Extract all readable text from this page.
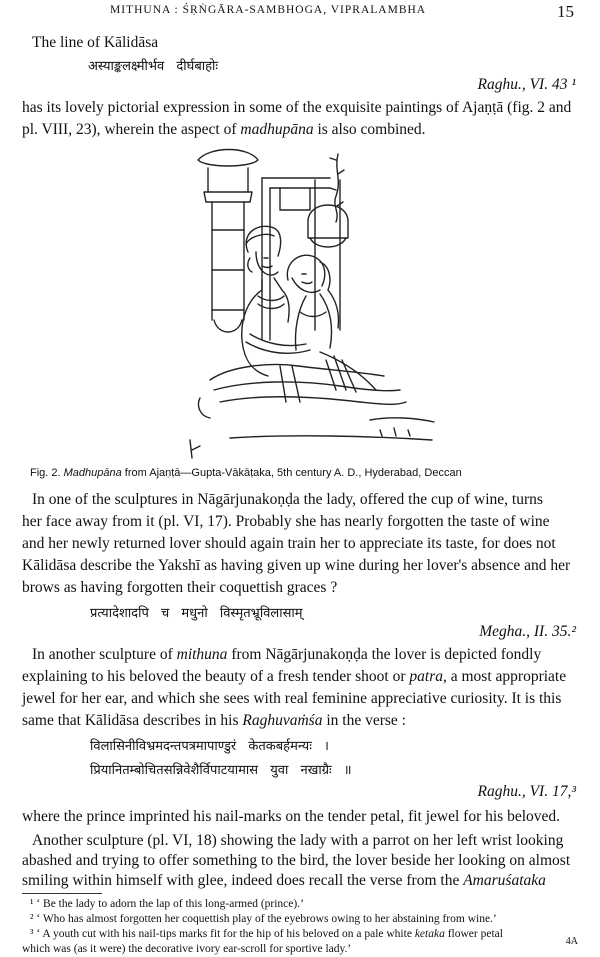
MITHUNA : ŚṚṄGĀRA-SAMBHOGA, VIPRALAMBHA	15
The line of Kālidāsa
अस्याङ्कलक्ष्मीर्भव दीर्घबाहोः
Raghu., VI. 43 ¹
has its lovely pictorial expression in some of the exquisite paintings of Ajaṇṭā (fig. 2 and
pl. VIII, 23), wherein the aspect of madhupāna is also combined.
Fig. 2. Madhupāna from Ajaṇṭā—Gupta-Vākāṭaka, 5th century A. D., Hyderabad, Deccan
In one of the sculptures in Nāgārjunakoṇḍa the lady, offered the cup of wine, turns
her face away from it (pl. VI, 17). Probably she has nearly forgotten the taste of wine
and her newly returned lover should again train her to appreciate its taste, for does not
Kālidāsa describe the Yakshī as having given up wine during her lover's absence and her
brows as having forgotten their coquettish graces ?
प्रत्यादेशादपि च मधुनो विस्मृतभ्रूविलासाम्
Megha., II. 35.²
In another sculpture of mithuna from Nāgārjunakoṇḍa the lover is depicted fondly
explaining to his beloved the beauty of a fresh tender shoot or patra, a most appropriate
jewel for her ear, and which she sees with real feminine appreciative curiosity. It is this
same that Kālidāsa describes in his Raghuvaṁśa in the verse :
विलासिनीविभ्रमदन्तपत्रमापाण्डुरं केतकबर्हमन्यः ।
प्रियानितम्बोचितसन्निवेशैर्विपाटयामास युवा नखाग्रैः ॥
Raghu., VI. 17,³
where the prince imprinted his nail-marks on the tender petal, fit jewel for his beloved.
Another sculpture (pl. VI, 18) showing the lady with a parrot on her left wrist looking
abashed and trying to offer something to the bird, the lover beside her looking on almost
smiling within himself with glee, indeed does recall the verse from the Amaruśataka
¹ ‘ Be the lady to adorn the lap of this long-armed (prince).’
² ‘ Who has almost forgotten her coquettish play of the eyebrows owing to her abstaining from wine.’
³ ‘ A youth cut with his nail-tips marks fit for the hip of his beloved on a pale white ketaka flower petal
which was (as it were) the decorative ivory ear-scroll for sportive lady.’
4A
